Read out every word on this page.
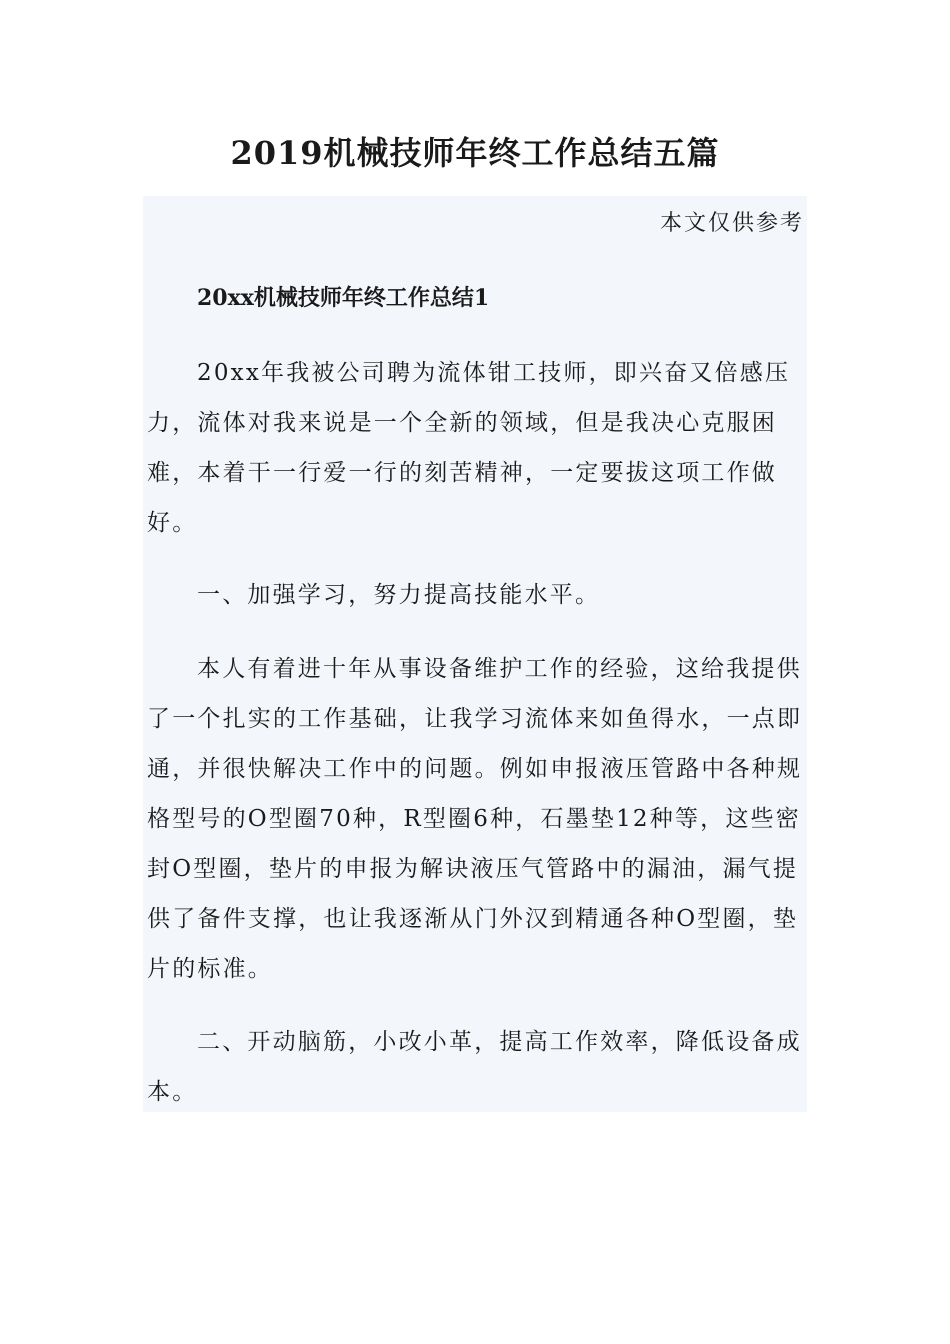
2019机械技师年终工作总结五篇
本文仅供参考
20xx机械技师年终工作总结1

20xx年我被公司聘为流体钳工技师，即兴奋又倍感压力，流体对我来说是一个全新的领域，但是我决心克服困难，本着干一行爱一行的刻苦精神，一定要拔这项工作做好。

一、加强学习，努力提高技能水平。

本人有着进十年从事设备维护工作的经验，这给我提供了一个扎实的工作基础，让我学习流体来如鱼得水，一点即通，并很快解决工作中的问题。例如申报液压管路中各种规格型号的O型圈70种，R型圈6种，石墨垫12种等，这些密封O型圈，垫片的申报为解诀液压气管路中的漏油，漏气提供了备件支撑，也让我逐渐从门外汉到精通各种O型圈，垫片的标准。

二、开动脑筋，小改小革，提高工作效率，降低设备成本。
